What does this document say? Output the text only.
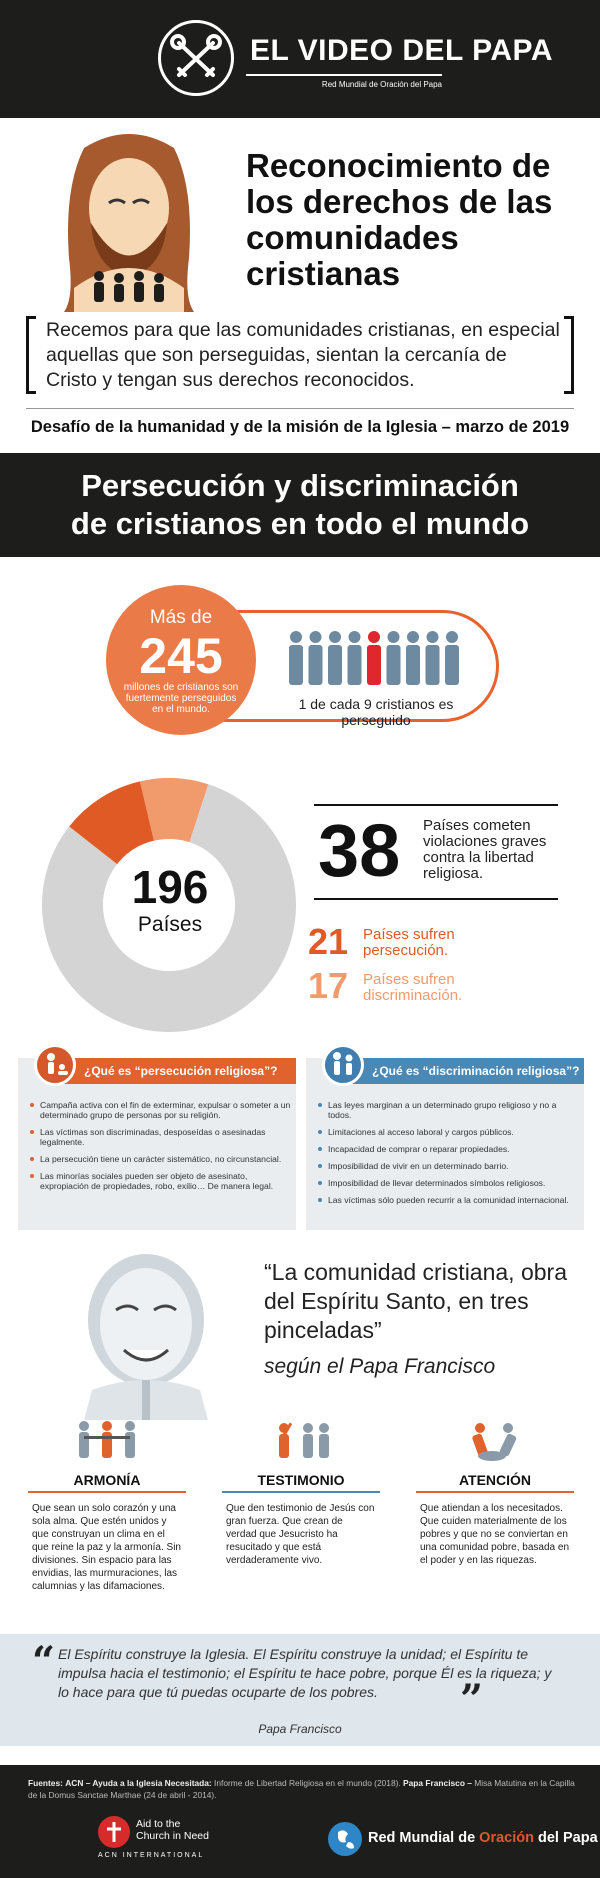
EL VIDEO DEL PAPA
Red Mundial de Oración del Papa
Reconocimiento de los derechos de las comunidades cristianas
Recemos para que las comunidades cristianas, en especial aquellas que son perseguidas, sientan la cercanía de Cristo y tengan sus derechos reconocidos.
Desafío de la humanidad y de la misión de la Iglesia – marzo de 2019
Persecución y discriminación
de cristianos en todo el mundo
Más de
245
millones de cristianos son fuertemente perseguidos en el mundo.	1 de cada 9 cristianos es perseguido
196
Países
38 Países cometen violaciones graves contra la libertad religiosa.
21 Países sufren persecución.
17 Países sufren discriminación.
¿Qué es “persecución religiosa”?
Campaña activa con el fin de exterminar, expulsar o someter a un determinado grupo de personas por su religión.
Las víctimas son discriminadas, desposeídas o asesinadas legalmente.
La persecución tiene un carácter sistemático, no circunstancial.
Las minorías sociales pueden ser objeto de asesinato, expropiación de propiedades, robo, exilio… De manera legal.
¿Qué es “discriminación religiosa”?
Las leyes marginan a un determinado grupo religioso y no a todos.
Limitaciones al acceso laboral y cargos públicos.
Incapacidad de comprar o reparar propiedades.
Imposibilidad de vivir en un determinado barrio.
Imposibilidad de llevar determinados símbolos religiosos.
Las víctimas sólo pueden recurrir a la comunidad internacional.
“La comunidad cristiana, obra del Espíritu Santo, en tres pinceladas”
según el Papa Francisco
ARMONÍA
Que sean un solo corazón y una sola alma. Que estén unidos y que construyan un clima en el que reine la paz y la armonía. Sin divisiones. Sin espacio para las envidias, las murmuraciones, las calumnias y las difamaciones.
TESTIMONIO
Que den testimonio de Jesús con gran fuerza. Que crean de verdad que Jesucristo ha resucitado y que está verdaderamente vivo.
ATENCIÓN
Que atiendan a los necesitados. Que cuiden materialmente de los pobres y que no se conviertan en una comunidad pobre, basada en el poder y en las riquezas.
“ El Espíritu construye la Iglesia. El Espíritu construye la unidad; el Espíritu te impulsa hacia el testimonio; el Espíritu te hace pobre, porque Él es la riqueza; y lo hace para que tú puedas ocuparte de los pobres.	”
Papa Francisco
Fuentes: ACN – Ayuda a la Iglesia Necesitada: Informe de Libertad Religiosa en el mundo (2018). Papa Francisco – Misa Matutina en la Capilla de la Domus Sanctae Marthae (24 de abril - 2014).
Aid to the
Church in Need
ACN INTERNATIONAL
Red Mundial de Oración del Papa
